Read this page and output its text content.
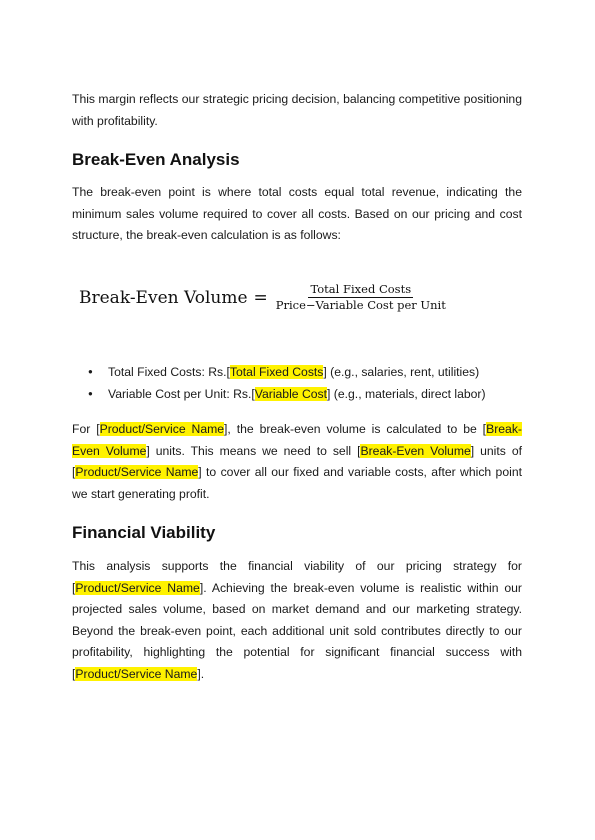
This margin reflects our strategic pricing decision, balancing competitive positioning with profitability.

Break-Even Analysis

The break-even point is where total costs equal total revenue, indicating the minimum sales volume required to cover all costs. Based on our pricing and cost structure, the break-even calculation is as follows:

Break-Even Volume = $\frac{\text{Total Fixed Costs}}{\text{Price−Variable Cost per Unit}}$
● Total Fixed Costs: Rs.[Total Fixed Costs] (e.g., salaries, rent, utilities)
● Variable Cost per Unit: Rs.[Variable Cost] (e.g., materials, direct labor)

For [Product/Service Name], the break-even volume is calculated to be [Break-Even Volume] units. This means we need to sell [Break-Even Volume] units of [Product/Service Name] to cover all our fixed and variable costs, after which point we start generating profit.

Financial Viability

This analysis supports the financial viability of our pricing strategy for [Product/Service Name]. Achieving the break-even volume is realistic within our projected sales volume, based on market demand and our marketing strategy. Beyond the break-even point, each additional unit sold contributes directly to our profitability, highlighting the potential for significant financial success with [Product/Service Name].
